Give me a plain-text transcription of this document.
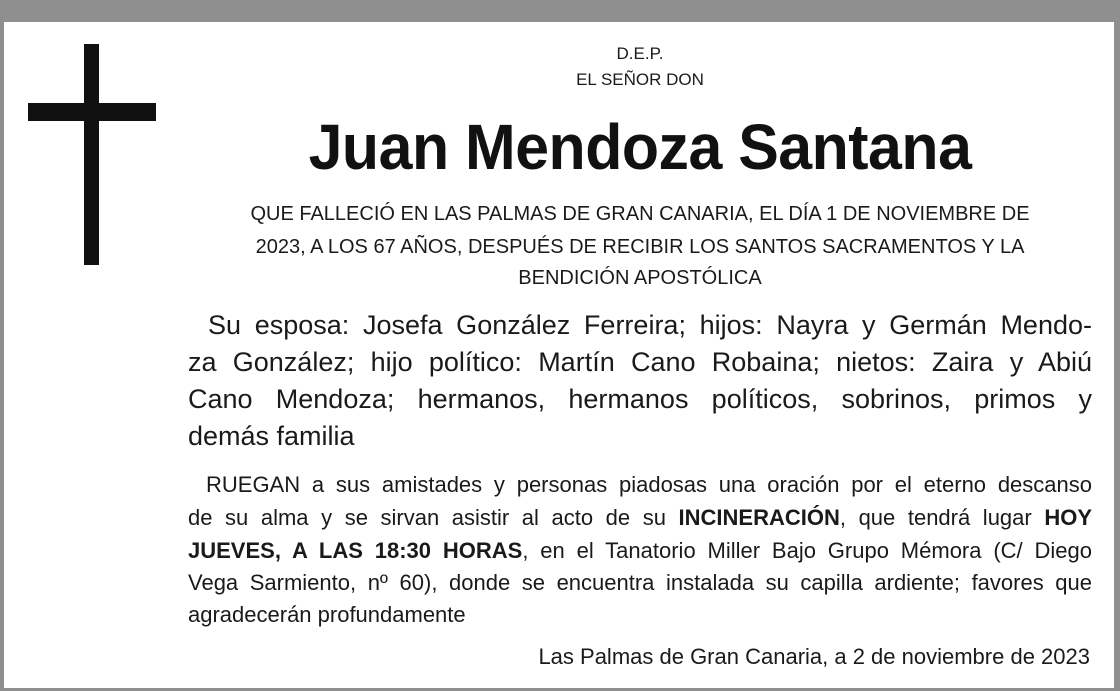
D.E.P.
EL SEÑOR DON
Juan Mendoza Santana
QUE FALLECIÓ EN LAS PALMAS DE GRAN CANARIA, EL DÍA 1 DE NOVIEMBRE DE
2023, A LOS 67 AÑOS, DESPUÉS DE RECIBIR LOS SANTOS SACRAMENTOS Y LA
BENDICIÓN APOSTÓLICA
Su esposa: Josefa González Ferreira; hijos: Nayra y Germán Mendo-
za González; hijo político: Martín Cano Robaina; nietos: Zaira y Abiú
Cano Mendoza; hermanos, hermanos políticos, sobrinos, primos y
demás familia
RUEGAN a sus amistades y personas piadosas una oración por el eterno descanso
de su alma y se sirvan asistir al acto de su INCINERACIÓN, que tendrá lugar HOY
JUEVES, A LAS 18:30 HORAS, en el Tanatorio Miller Bajo Grupo Mémora (C/ Diego
Vega Sarmiento, nº 60), donde se encuentra instalada su capilla ardiente; favores que
agradecerán profundamente
Las Palmas de Gran Canaria, a 2 de noviembre de 2023
